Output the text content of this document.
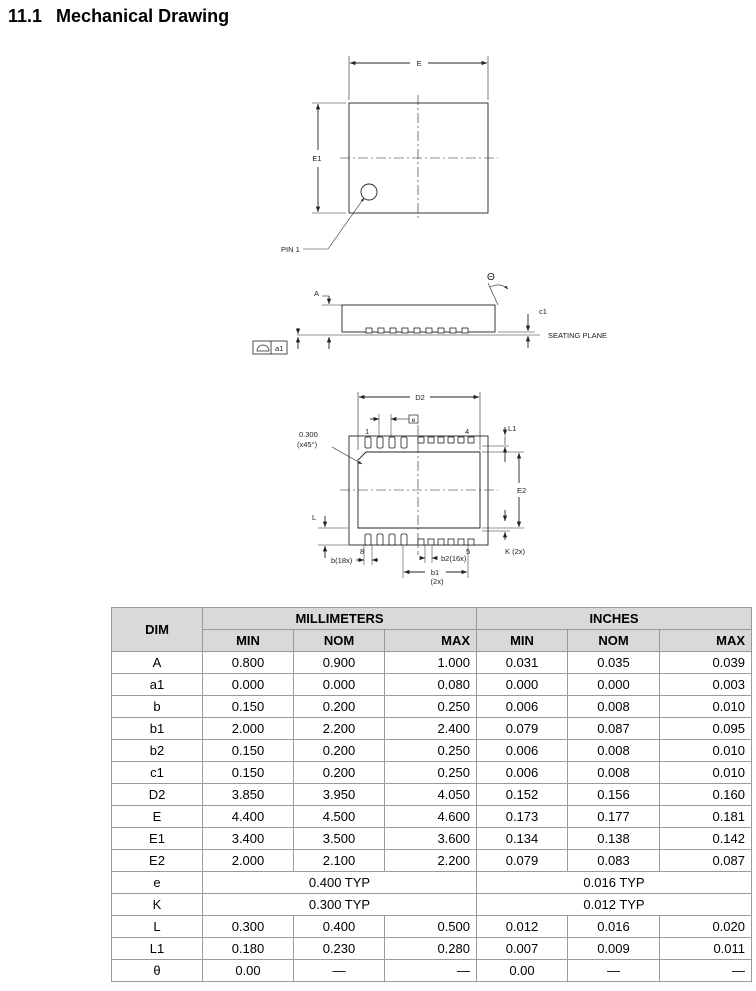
11.1 Mechanical Drawing
E
E1
PIN 1
Θ
A
c1
SEATING PLANE
a1
D2
e
L1
0.300
(x45°)
1	4
E2
L
8	5	K (2x)
b(18x)	b2(16x)
b1
(2x)
DIM	MILLIMETERS			INCHES		
	MIN	NOM	MAX	MIN	NOM	MAX
A	0.800	0.900	1.000	0.031	0.035	0.039
a1	0.000	0.000	0.080	0.000	0.000	0.003
b	0.150	0.200	0.250	0.006	0.008	0.010
b1	2.000	2.200	2.400	0.079	0.087	0.095
b2	0.150	0.200	0.250	0.006	0.008	0.010
c1	0.150	0.200	0.250	0.006	0.008	0.010
D2	3.850	3.950	4.050	0.152	0.156	0.160
E	4.400	4.500	4.600	0.173	0.177	0.181
E1	3.400	3.500	3.600	0.134	0.138	0.142
E2	2.000	2.100	2.200	0.079	0.083	0.087
e	0.400 TYP			0.016 TYP		
K	0.300 TYP			0.012 TYP		
L	0.300	0.400	0.500	0.012	0.016	0.020
L1	0.180	0.230	0.280	0.007	0.009	0.011
θ	0.00	—	—	0.00	—	—
